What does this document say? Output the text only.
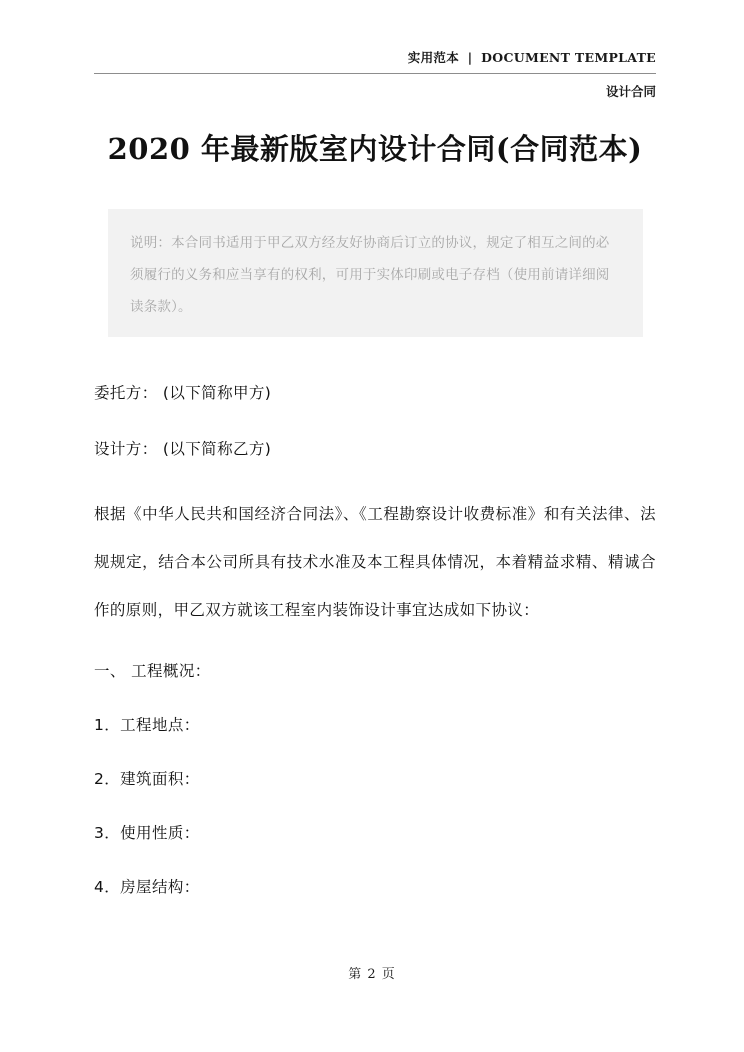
实用范本 | DOCUMENT TEMPLATE
设计合同
2020 年最新版室内设计合同(合同范本)

说明：本合同书适用于甲乙双方经友好协商后订立的协议，规定了相互之间的必须履行的义务和应当享有的权利，可用于实体印刷或电子存档（使用前请详细阅读条款）。

委托方： (以下简称甲方)

设计方： (以下简称乙方)

根据《中华人民共和国经济合同法》、《工程勘察设计收费标准》和有关法律、法规规定，结合本公司所具有技术水准及本工程具体情况，本着精益求精、精诚合作的原则，甲乙双方就该工程室内装饰设计事宜达成如下协议：

一、 工程概况：

1．工程地点：

2．建筑面积：

3．使用性质：

4．房屋结构：

第 2 页
